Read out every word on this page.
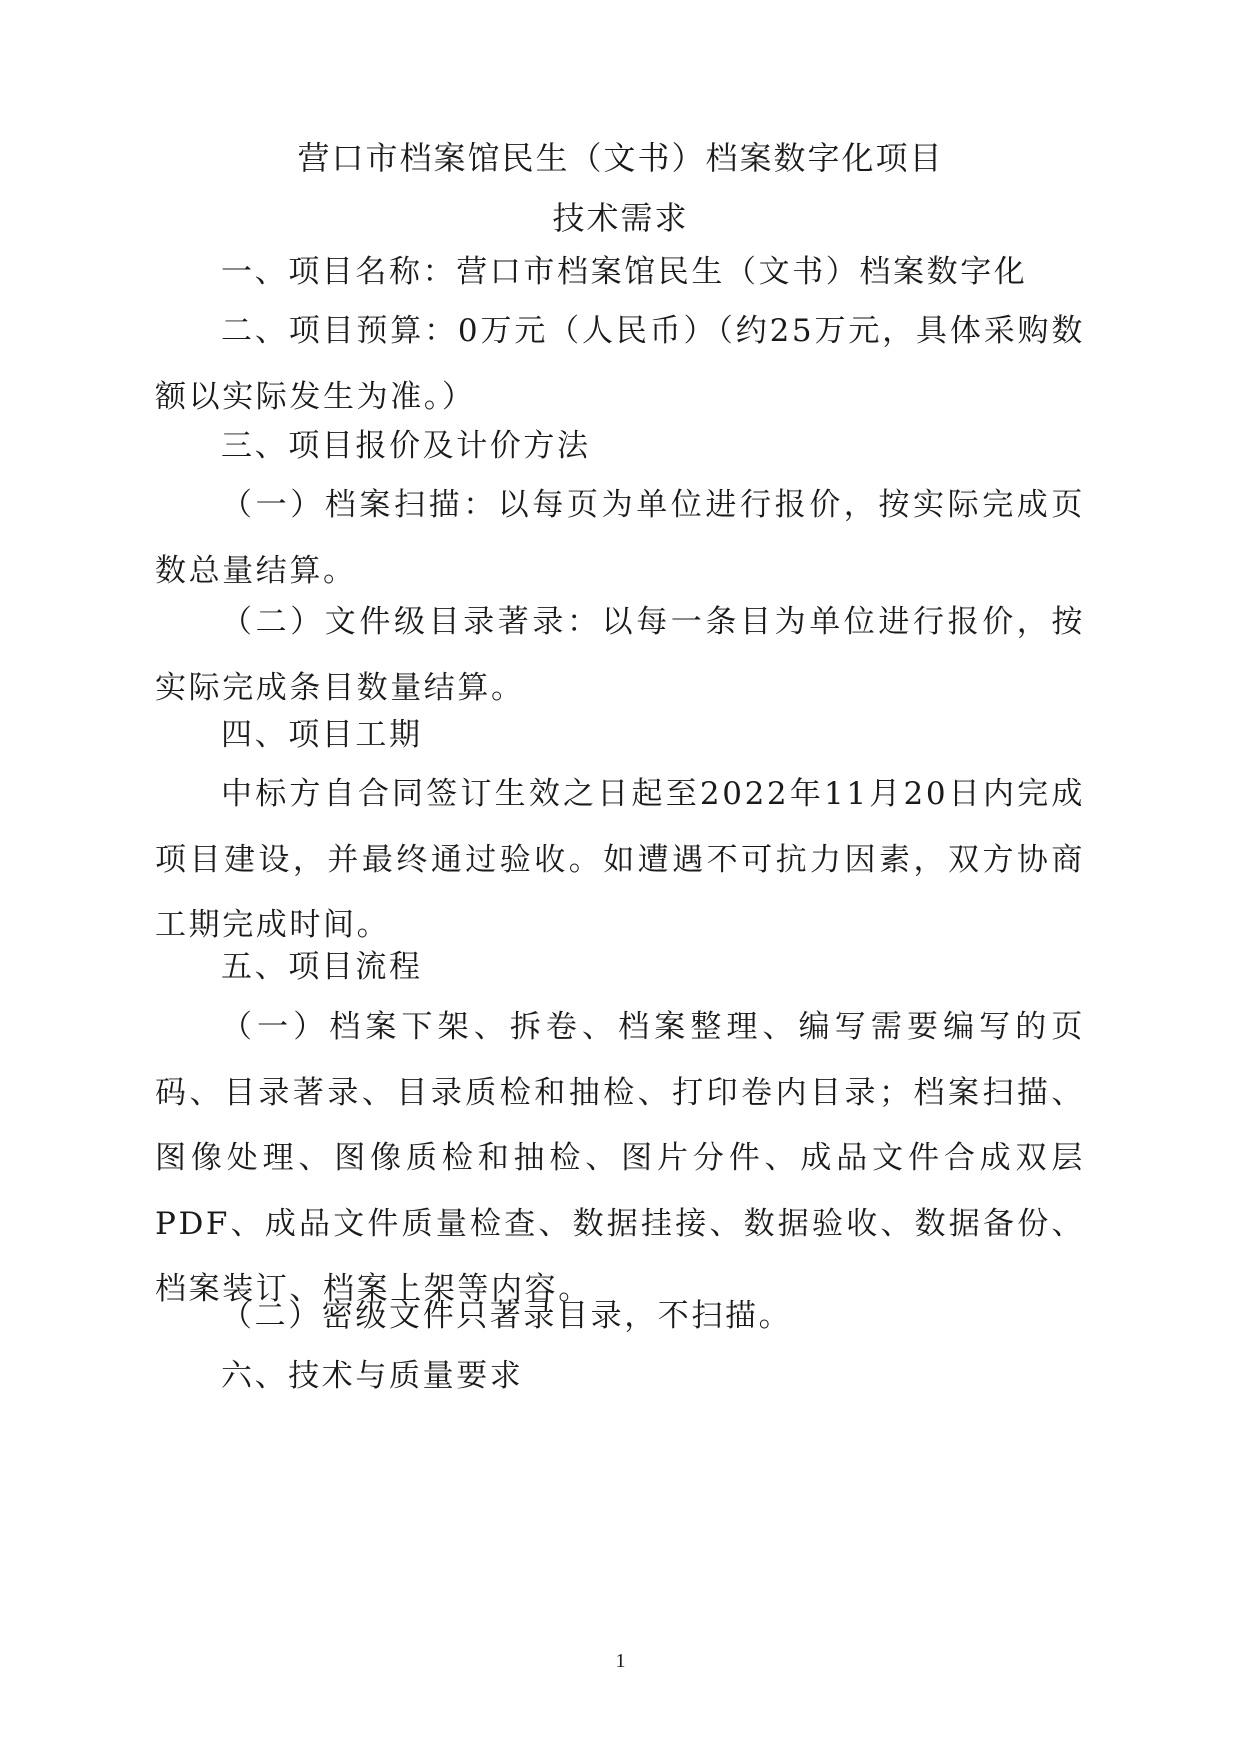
营口市档案馆民生（文书）档案数字化项目
技术需求

一、项目名称：营口市档案馆民生（文书）档案数字化

二、项目预算：0万元（人民币）（约25万元，具体采购数额以实际发生为准。）

三、项目报价及计价方法

（一）档案扫描：以每页为单位进行报价，按实际完成页数总量结算。

（二）文件级目录著录：以每一条目为单位进行报价，按实际完成条目数量结算。

四、项目工期

中标方自合同签订生效之日起至2022年11月20日内完成项目建设，并最终通过验收。如遭遇不可抗力因素，双方协商工期完成时间。

五、项目流程

（一）档案下架、拆卷、档案整理、编写需要编写的页码、目录著录、目录质检和抽检、打印卷内目录；档案扫描、图像处理、图像质检和抽检、图片分件、成品文件合成双层PDF、成品文件质量检查、数据挂接、数据验收、数据备份、档案装订、档案上架等内容。

（二）密级文件只著录目录，不扫描。

六、技术与质量要求

1
